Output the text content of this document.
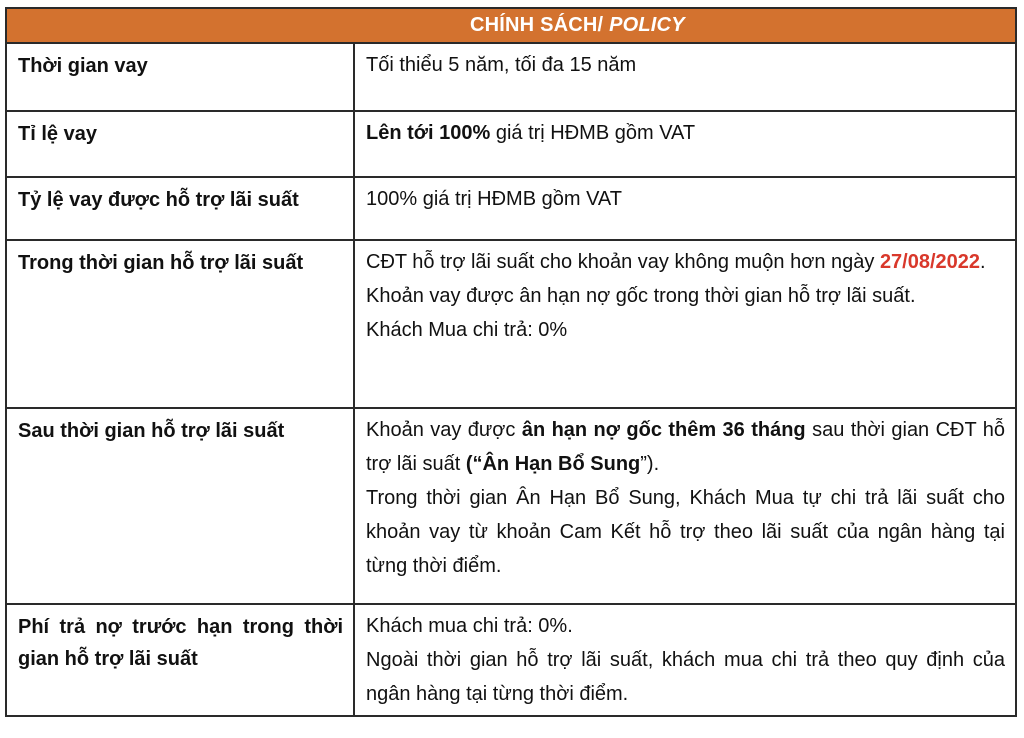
CHÍNH SÁCH/ POLICY	

Thời gian vay	Tối thiểu 5 năm, tối đa 15 năm

Tỉ lệ vay	Lên tới 100% giá trị HĐMB gồm VAT

Tỷ lệ vay được hỗ trợ lãi suất	100% giá trị HĐMB gồm VAT

Trong thời gian hỗ trợ lãi suất	CĐT hỗ trợ lãi suất cho khoản vay không muộn hơn ngày 27/08/2022.

Khoản vay được ân hạn nợ gốc trong thời gian hỗ trợ lãi suất.

Khách Mua chi trả: 0%

Sau thời gian hỗ trợ lãi suất	Khoản vay được ân hạn nợ gốc thêm 36 tháng sau thời gian CĐT hỗ trợ lãi suất (“Ân Hạn Bổ Sung”).

Trong thời gian Ân Hạn Bổ Sung, Khách Mua tự chi trả lãi suất cho khoản vay từ khoản Cam Kết hỗ trợ theo lãi suất của ngân hàng tại từng thời điểm.

Phí trả nợ trước hạn trong thời gian hỗ trợ lãi suất	Khách mua chi trả: 0%.

Ngoài thời gian hỗ trợ lãi suất, khách mua chi trả theo quy định của ngân hàng tại từng thời điểm.
